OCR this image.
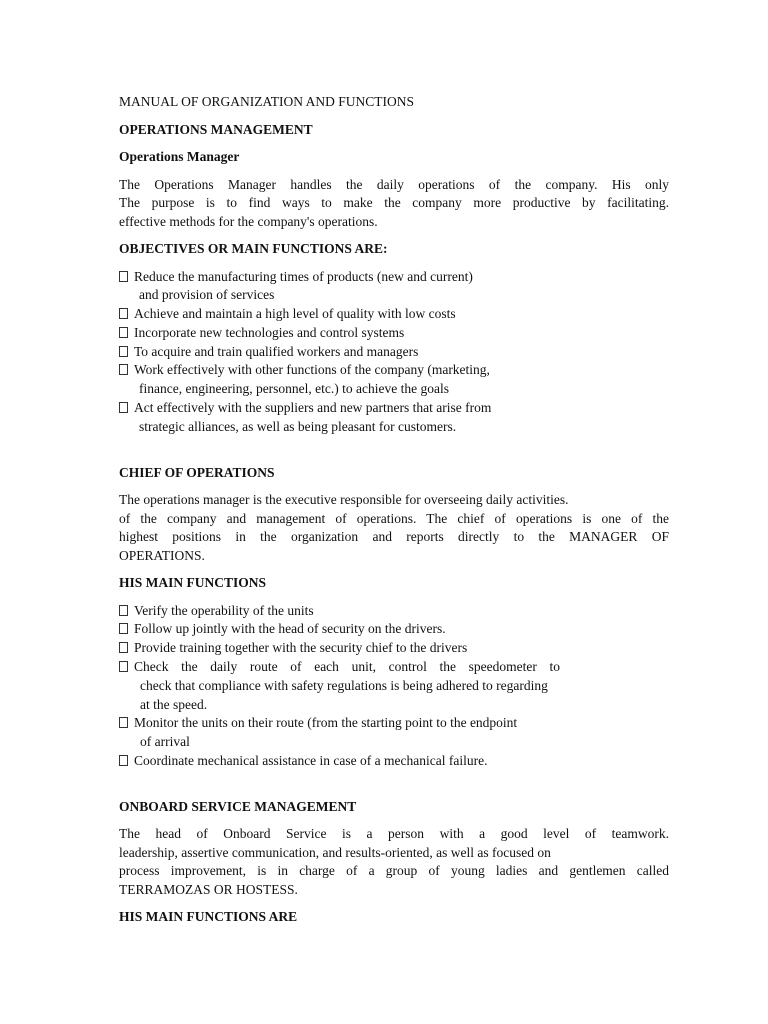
MANUAL OF ORGANIZATION AND FUNCTIONS

OPERATIONS MANAGEMENT

Operations Manager

The Operations Manager handles the daily operations of the company. His only
The purpose is to find ways to make the company more productive by facilitating.
effective methods for the company's operations.

OBJECTIVES OR MAIN FUNCTIONS ARE:

Reduce the manufacturing times of products (new and current)
and provision of services
Achieve and maintain a high level of quality with low costs
Incorporate new technologies and control systems
To acquire and train qualified workers and managers
Work effectively with other functions of the company (marketing,
finance, engineering, personnel, etc.) to achieve the goals
Act effectively with the suppliers and new partners that arise from
strategic alliances, as well as being pleasant for customers.

CHIEF OF OPERATIONS

The operations manager is the executive responsible for overseeing daily activities.
of the company and management of operations. The chief of operations is one of the
highest positions in the organization and reports directly to the MANAGER OF
OPERATIONS.

HIS MAIN FUNCTIONS

Verify the operability of the units
Follow up jointly with the head of security on the drivers.
Provide training together with the security chief to the drivers
Check the daily route of each unit, control the speedometer to
check that compliance with safety regulations is being adhered to regarding
at the speed.
Monitor the units on their route (from the starting point to the endpoint
of arrival
Coordinate mechanical assistance in case of a mechanical failure.

ONBOARD SERVICE MANAGEMENT

The head of Onboard Service is a person with a good level of teamwork.
leadership, assertive communication, and results-oriented, as well as focused on
process improvement, is in charge of a group of young ladies and gentlemen called
TERRAMOZAS OR HOSTESS.

HIS MAIN FUNCTIONS ARE
